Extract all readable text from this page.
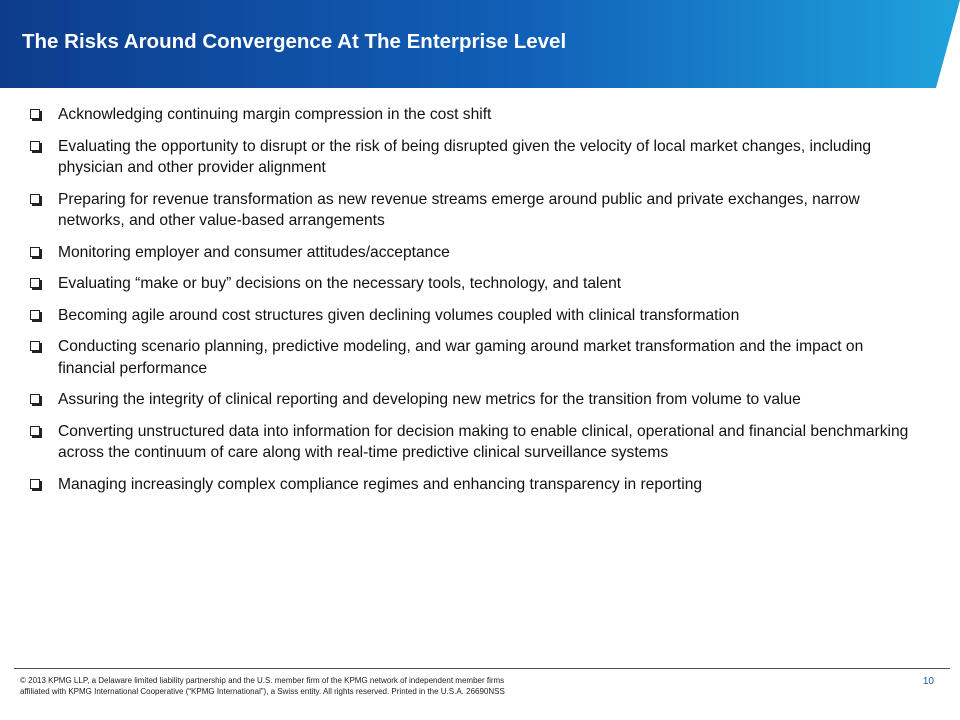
The Risks Around Convergence At The Enterprise Level
Acknowledging continuing margin compression in the cost shift
Evaluating the opportunity to disrupt or the risk of being disrupted given the velocity of local market changes, including physician and other provider alignment
Preparing for revenue transformation as new revenue streams emerge around public and private exchanges, narrow networks, and other value-based arrangements
Monitoring employer and consumer attitudes/acceptance
Evaluating “make or buy” decisions on the necessary tools, technology, and talent
Becoming agile around cost structures given declining volumes coupled with clinical transformation
Conducting scenario planning, predictive modeling, and war gaming around market transformation and the impact on financial performance
Assuring the integrity of clinical reporting and developing new metrics for the transition from volume to value
Converting unstructured data into information for decision making to enable clinical, operational and financial benchmarking across the continuum of care along with real-time predictive clinical surveillance systems
Managing increasingly complex compliance regimes and enhancing transparency in reporting
© 2013 KPMG LLP, a Delaware limited liability partnership and the U.S. member firm of the KPMG network of independent member firms
affiliated with KPMG International Cooperative (“KPMG International”), a Swiss entity. All rights reserved. Printed in the U.S.A. 26690NSS
10
